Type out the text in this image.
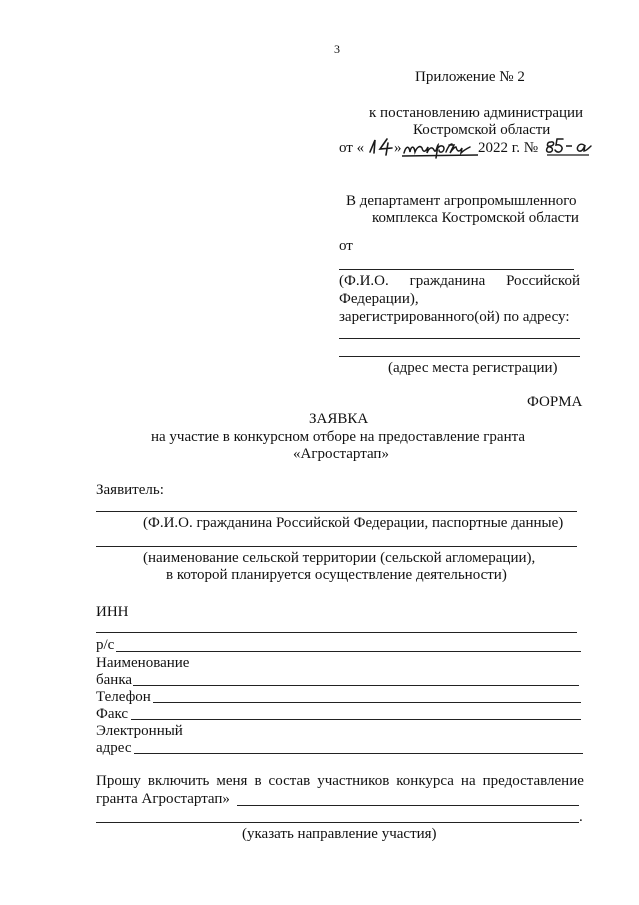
3
Приложение № 2
к постановлению администрации
Костромской области
от « »	2022 г. №
В департамент агропромышленного
комплекса Костромской области
от
(Ф.И.О. гражданина Российской
Федерации),
зарегистрированного(ой) по адресу:
(адрес места регистрации)
ФОРМА
ЗАЯВКА
на участие в конкурсном отборе на предоставление гранта
«Агростартап»
Заявитель:
(Ф.И.О. гражданина Российской Федерации, паспортные данные)
(наименование сельской территории (сельской агломерации),
в которой планируется осуществление деятельности)
ИНН
р/с
Наименование
банка
Телефон
Факс
Электронный
адрес
Прошу включить меня в состав участников конкурса на предоставление
гранта Агростартап»
.
(указать направление участия)
